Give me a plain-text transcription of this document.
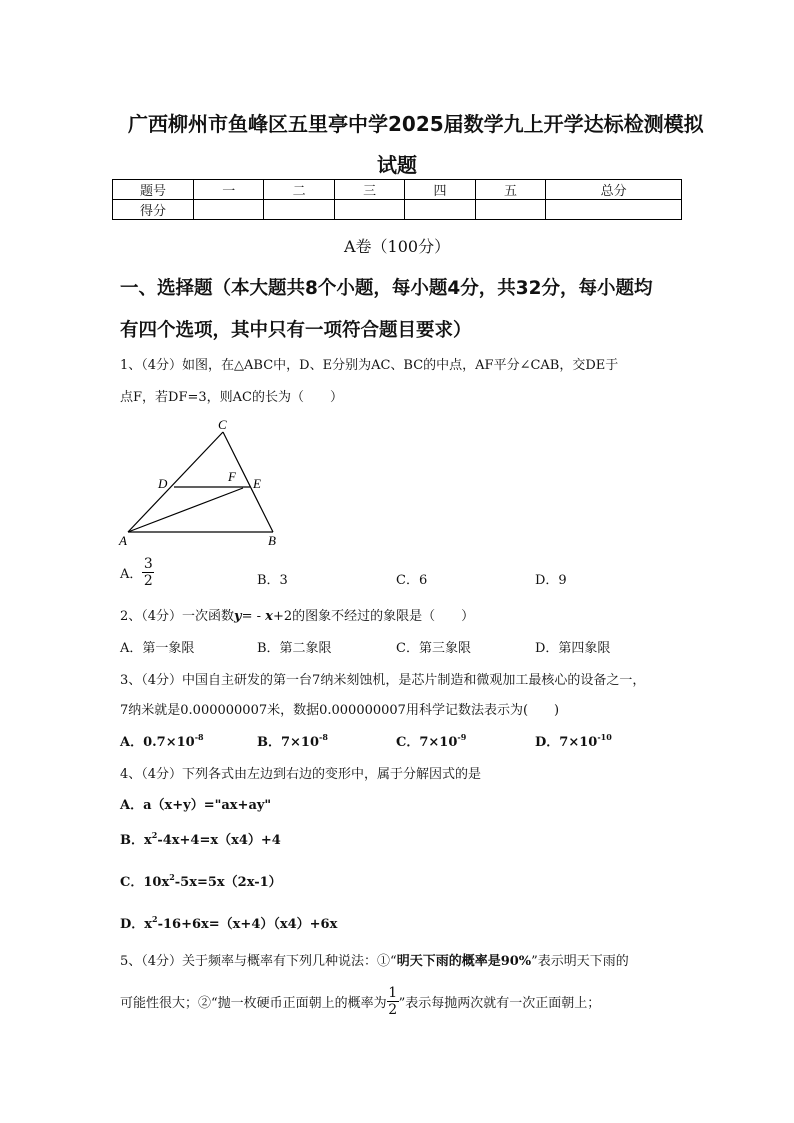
广西柳州市鱼峰区五里亭中学2025届数学九上开学达标检测模拟
试题
题号	一	二	三	四	五	总分
得分						
A卷（100分）
一、选择题（本大题共8个小题，每小题4分，共32分，每小题均
有四个选项，其中只有一项符合题目要求）
1、（4分）如图，在△ABC中，D、E分别为AC、BC的中点，AF平分∠CAB，交DE于
点F，若DF=3，则AC的长为（　　）
C
D	F E
A	B
A． $\frac{3}{2}$	B．3	C．6	D．9
2、（4分）一次函数y= - x+2的图象不经过的象限是（　　）
A．第一象限	B．第二象限	C．第三象限	D．第四象限
3、（4分）中国自主研发的第一台7纳米刻蚀机，是芯片制造和微观加工最核心的设备之一，
7纳米就是0.000000007米，数据0.000000007用科学记数法表示为(　　)
A．$0.7\times 10^{-8}$	B．$7\times 10^{-8}$	C．$7\times 10^{-9}$	D．$7\times 10^{-10}$
4、（4分）下列各式由左边到右边的变形中，属于分解因式的是
A．a（x+y）="ax+ay"
B．$x^2-4x+4=x(x4)+4$
C．$10x^2-5x=5x(2x-1)$
D．$x^2-16+6x=(x+4)(x4)+6x$
5、（4分）关于频率与概率有下列几种说法：①“明天下雨的概率是90%”表示明天下雨的
可能性很大；②“抛一枚硬币正面朝上的概率为 $\frac{1}{2}$ ”表示每抛两次就有一次正面朝上；
